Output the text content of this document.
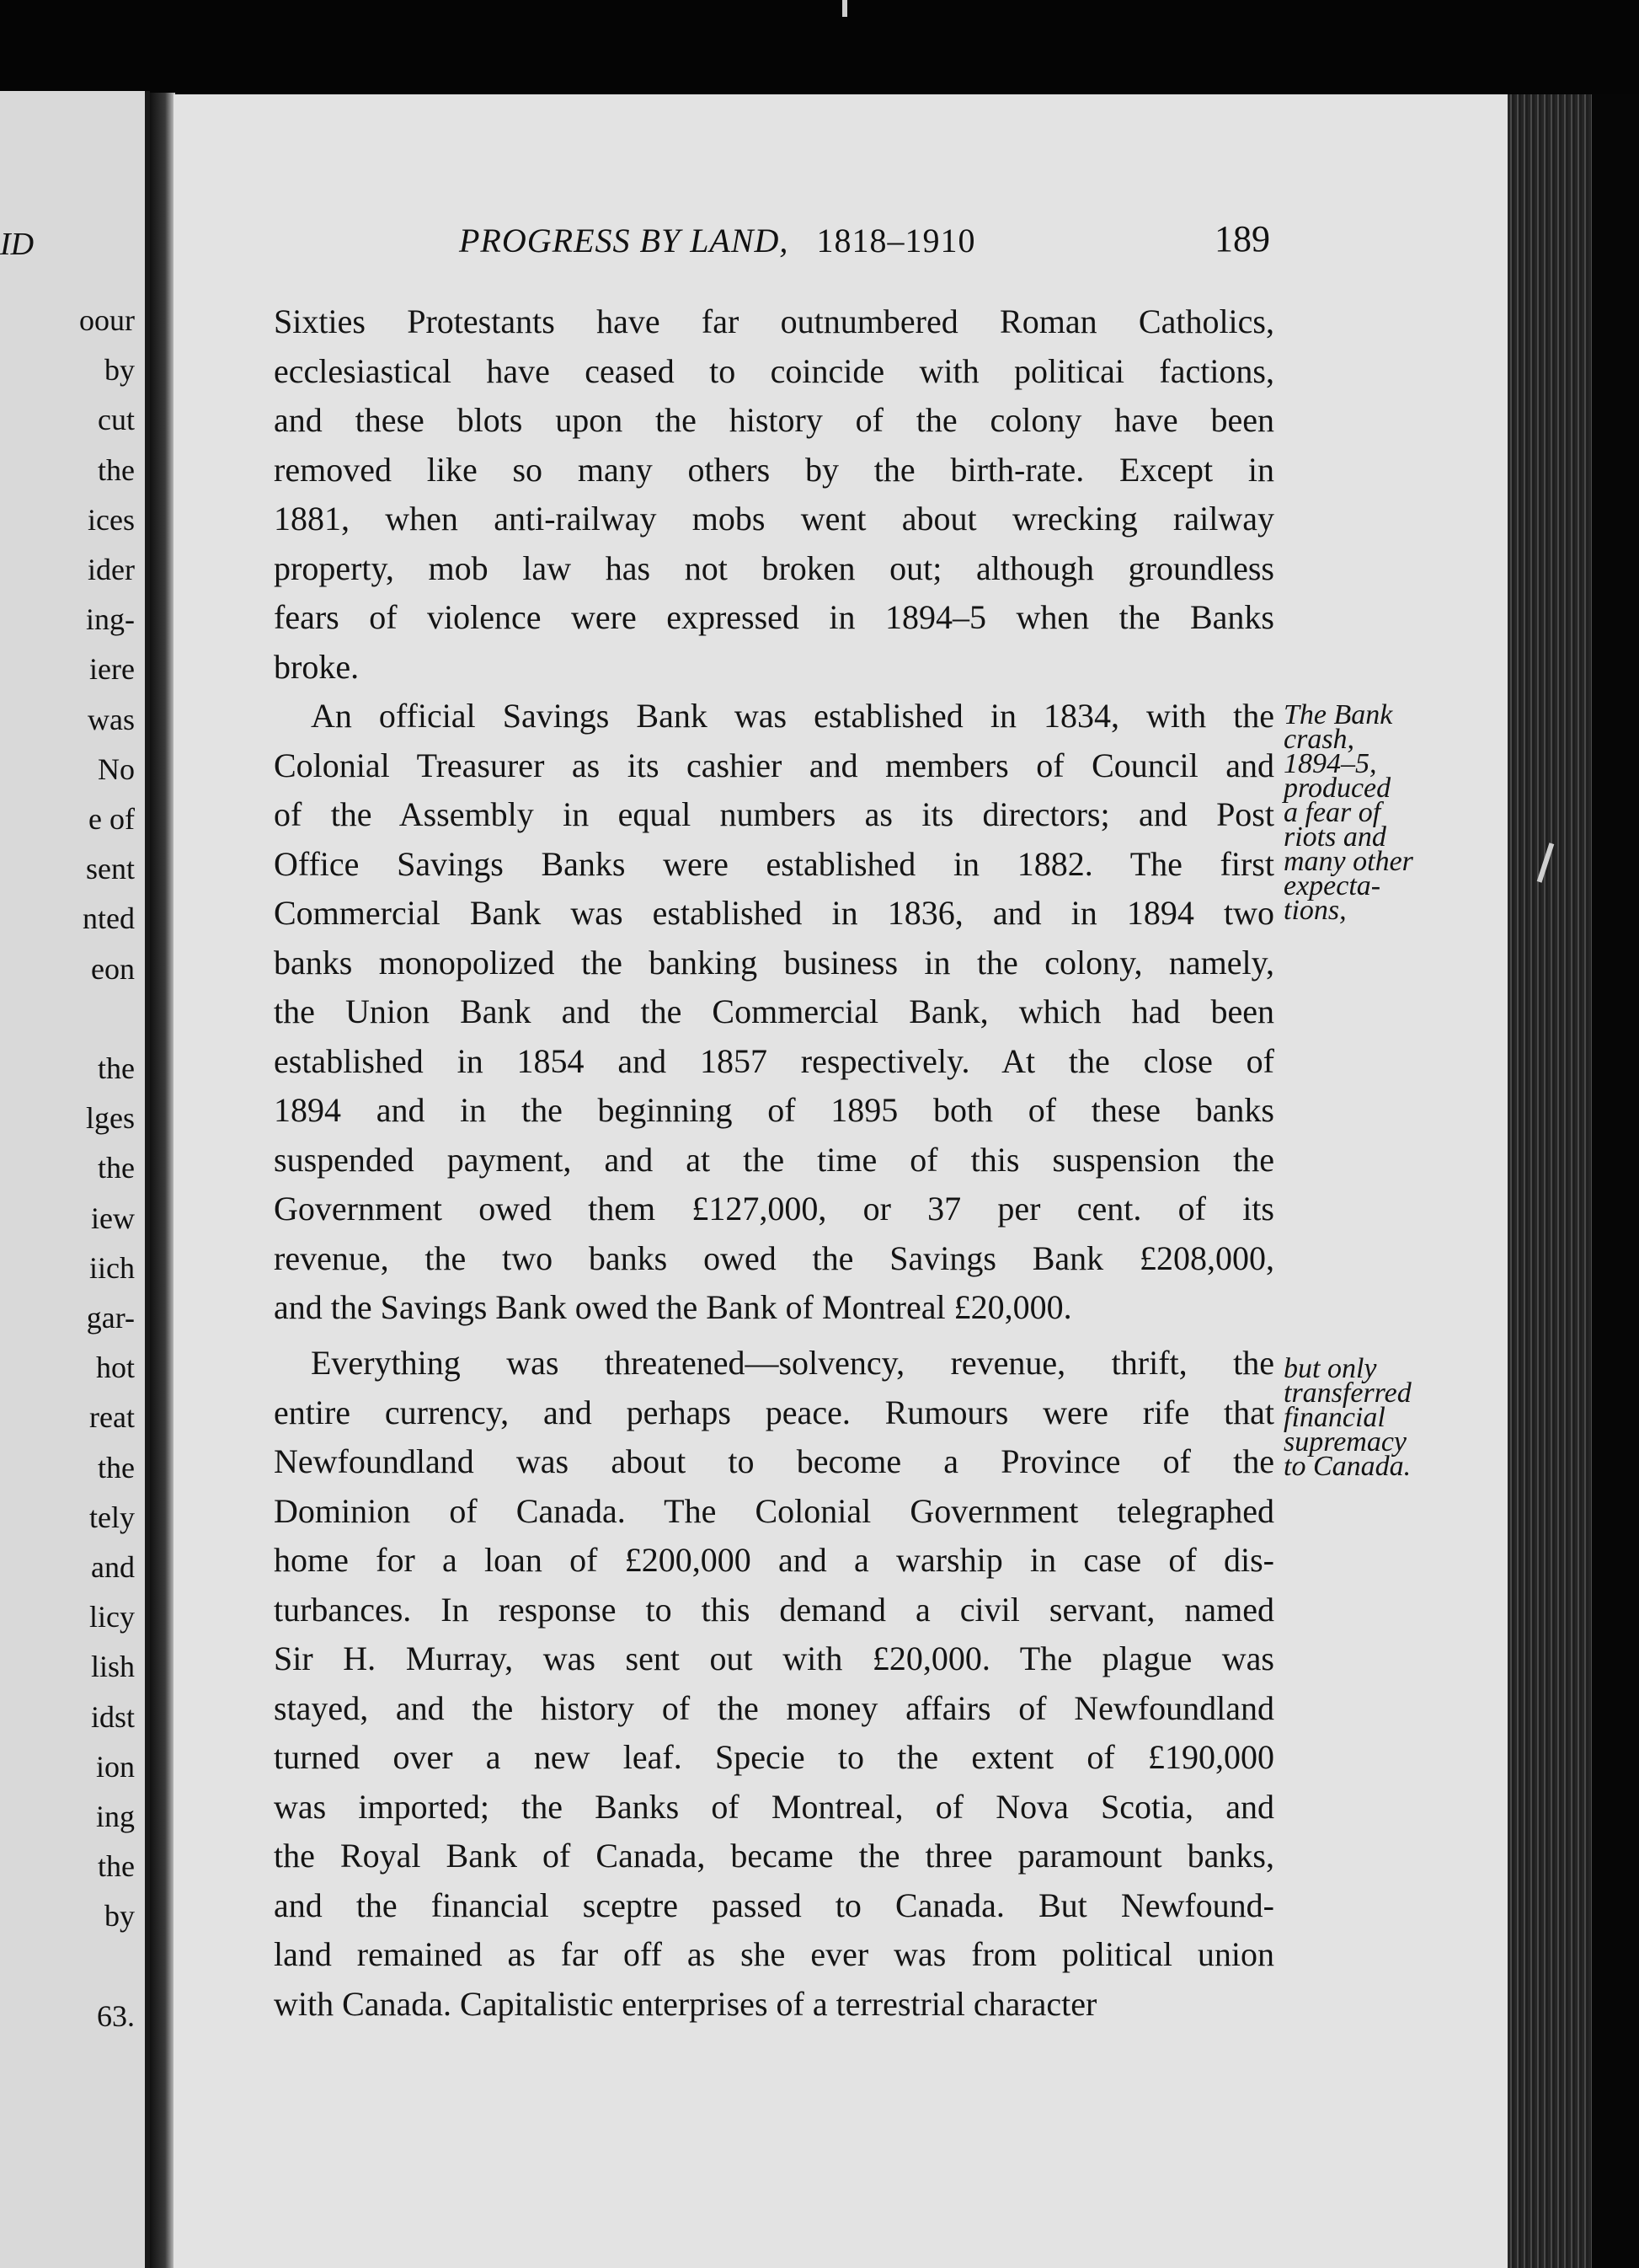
ID
oour
by
cut
the
ices
ider
ing-
iere
was
No
e of
sent
nted
eon
the
lges
the
iew
iich
gar-
hot
reat
the
tely
and
licy
lish
idst
ion
ing
the
by
63.
PROGRESS BY LAND, 1818–1910	189
Sixties Protestants have far outnumbered Roman Catholics,
ecclesiastical have ceased to coincide with politicai factions,
and these blots upon the history of the colony have been
removed like so many others by the birth-rate. Except in
1881, when anti-railway mobs went about wrecking railway
property, mob law has not broken out; although groundless
fears of violence were expressed in 1894–5 when the Banks
broke.
An official Savings Bank was established in 1834, with the
Colonial Treasurer as its cashier and members of Council and
of the Assembly in equal numbers as its directors; and Post
Office Savings Banks were established in 1882. The first
Commercial Bank was established in 1836, and in 1894 two
banks monopolized the banking business in the colony, namely,
the Union Bank and the Commercial Bank, which had been
established in 1854 and 1857 respectively. At the close of
1894 and in the beginning of 1895 both of these banks
suspended payment, and at the time of this suspension the
Government owed them £127,000, or 37 per cent. of its
revenue, the two banks owed the Savings Bank £208,000,
and the Savings Bank owed the Bank of Montreal £20,000.
Everything was threatened—solvency, revenue, thrift, the
entire currency, and perhaps peace. Rumours were rife that
Newfoundland was about to become a Province of the
Dominion of Canada. The Colonial Government telegraphed
home for a loan of £200,000 and a warship in case of dis-
turbances. In response to this demand a civil servant, named
Sir H. Murray, was sent out with £20,000. The plague was
stayed, and the history of the money affairs of Newfoundland
turned over a new leaf. Specie to the extent of £190,000
was imported; the Banks of Montreal, of Nova Scotia, and
the Royal Bank of Canada, became the three paramount banks,
and the financial sceptre passed to Canada. But Newfound-
land remained as far off as she ever was from political union
with Canada. Capitalistic enterprises of a terrestrial character
The Bank
crash,
1894–5,
produced
a fear of
riots and
many other
expecta-
tions,
but only
transferred
financial
supremacy
to Canada.
